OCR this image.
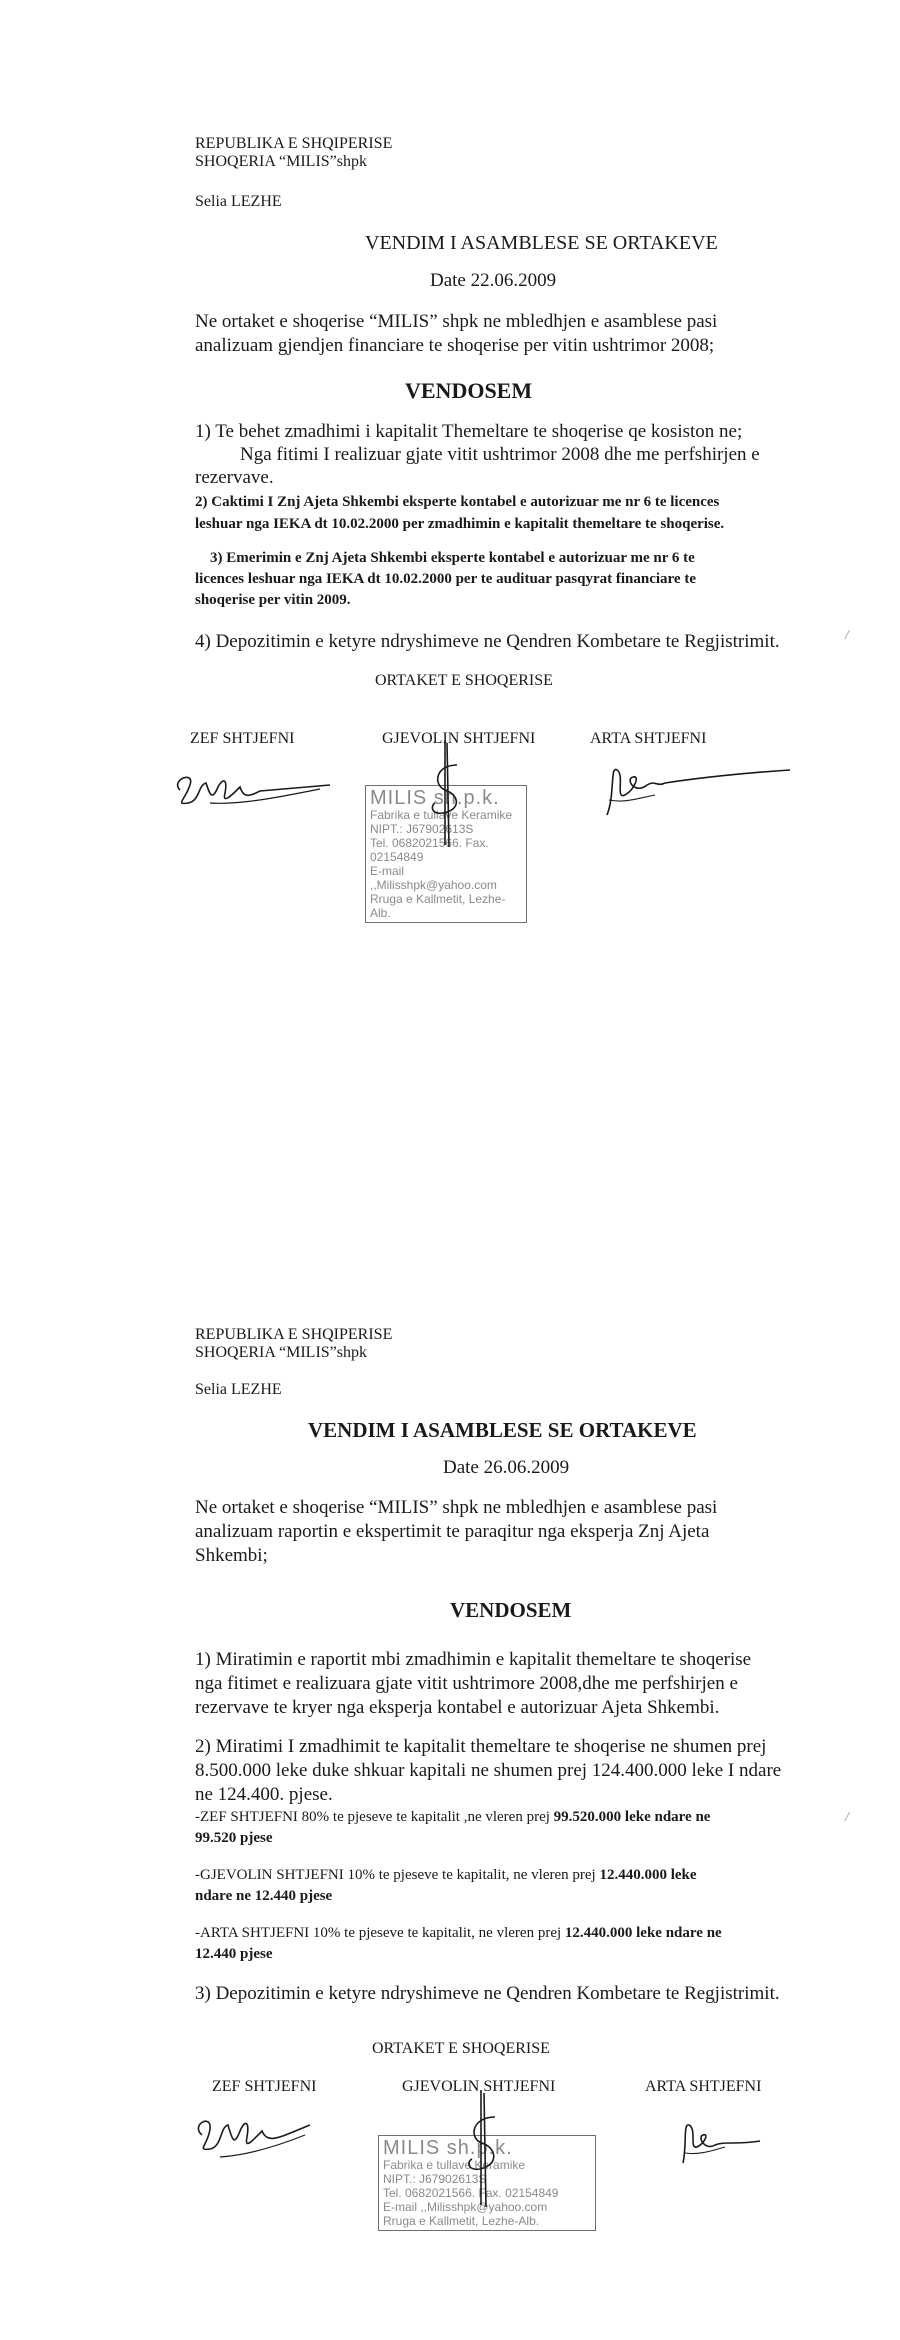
REPUBLIKA E SHQIPERISE
SHOQERIA “MILIS”shpk
Selia LEZHE
VENDIM I ASAMBLESE SE ORTAKEVE
Date 22.06.2009
Ne ortaket e shoqerise “MILIS” shpk ne mbledhjen e asamblese pasi
analizuam gjendjen financiare te shoqerise per vitin ushtrimor 2008;
VENDOSEM
1) Te behet zmadhimi i kapitalit Themeltare te shoqerise qe kosiston ne;
Nga fitimi I realizuar gjate vitit ushtrimor 2008 dhe me perfshirjen e
rezervave.
2) Caktimi I Znj Ajeta Shkembi eksperte kontabel e autorizuar me nr 6 te licences
leshuar nga IEKA dt 10.02.2000 per zmadhimin e kapitalit themeltare te shoqerise.
3) Emerimin e Znj Ajeta Shkembi eksperte kontabel e autorizuar me nr 6 te
licences leshuar nga IEKA dt 10.02.2000 per te audituar pasqyrat financiare te
shoqerise per vitin 2009.
4) Depozitimin e ketyre ndryshimeve ne Qendren Kombetare te Regjistrimit.
ORTAKET E SHOQERISE
ZEF SHTJEFNI	GJEVOLIN SHTJEFNI	ARTA SHTJEFNI
MILIS sh.p.k.
Fabrika e tullave Keramike
NIPT.: J67902613S
Tel. 0682021566. Fax. 02154849
E-mail ,,Milisshpk@yahoo.com
Rruga e Kallmetit, Lezhe-Alb.
/
REPUBLIKA E SHQIPERISE
SHOQERIA “MILIS”shpk
Selia LEZHE
VENDIM I ASAMBLESE SE ORTAKEVE
Date 26.06.2009
Ne ortaket e shoqerise “MILIS” shpk ne mbledhjen e asamblese pasi
analizuam raportin e ekspertimit te paraqitur nga eksperja Znj Ajeta
Shkembi;
VENDOSEM
1) Miratimin e raportit mbi zmadhimin e kapitalit themeltare te shoqerise
nga fitimet e realizuara gjate vitit ushtrimore 2008,dhe me perfshirjen e
rezervave te kryer nga eksperja kontabel e autorizuar Ajeta Shkembi.
2) Miratimi I zmadhimit te kapitalit themeltare te shoqerise ne shumen prej
8.500.000 leke duke shkuar kapitali ne shumen prej 124.400.000 leke I ndare
ne 124.400. pjese.
-ZEF SHTJEFNI 80% te pjeseve te kapitalit ,ne vleren prej 99.520.000 leke ndare ne
99.520 pjese
-GJEVOLIN SHTJEFNI 10% te pjeseve te kapitalit, ne vleren prej 12.440.000 leke
ndare ne 12.440 pjese
-ARTA SHTJEFNI 10% te pjeseve te kapitalit, ne vleren prej 12.440.000 leke ndare ne
12.440 pjese
3) Depozitimin e ketyre ndryshimeve ne Qendren Kombetare te Regjistrimit.
ORTAKET E SHOQERISE
ZEF SHTJEFNI	GJEVOLIN SHTJEFNI	ARTA SHTJEFNI
MILIS sh.p.k.
Fabrika e tullave Keramike
NIPT.: J67902613S
Tel. 0682021566. Fax. 02154849
E-mail ,,Milisshpk@yahoo.com
Rruga e Kallmetit, Lezhe-Alb.
/
